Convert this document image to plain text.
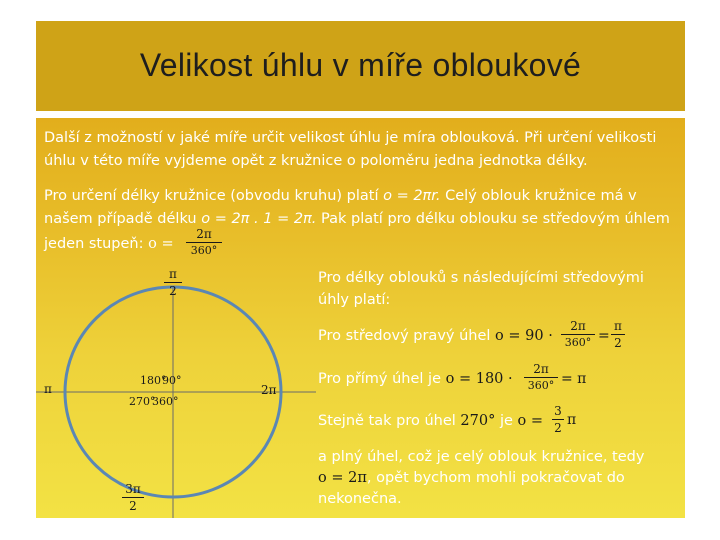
Velikost úhlu v míře obloukové
Další z možností v jaké míře určit velikost úhlu je míra oblouková. Při určení velikosti
úhlu v této míře vyjdeme opět z kružnice o poloměru jedna jednotka délky.
Pro určení délky kružnice (obvodu kruhu) platí o = 2πr. Celý oblouk kružnice má v
našem případě délku o = 2π . 1 = 2π. Pak platí pro délku oblouku se středovým úhlem
jeden stupeň: o =
2π
360°
π
2
π	2π
3π
2
180°
90°
270°
360°
Pro délky oblouků s následujícími středovými
úhly platí:
Pro středový pravý úhel o = 90 ·
2π
360° =
π
2
Pro přímý úhel je o = 180 ·
2π
360° = π
Stejně tak pro úhel 270° je o =
3
2 π
a plný úhel, což je celý oblouk kružnice, tedy
o = 2π, opět bychom mohli pokračovat do
nekonečna.
